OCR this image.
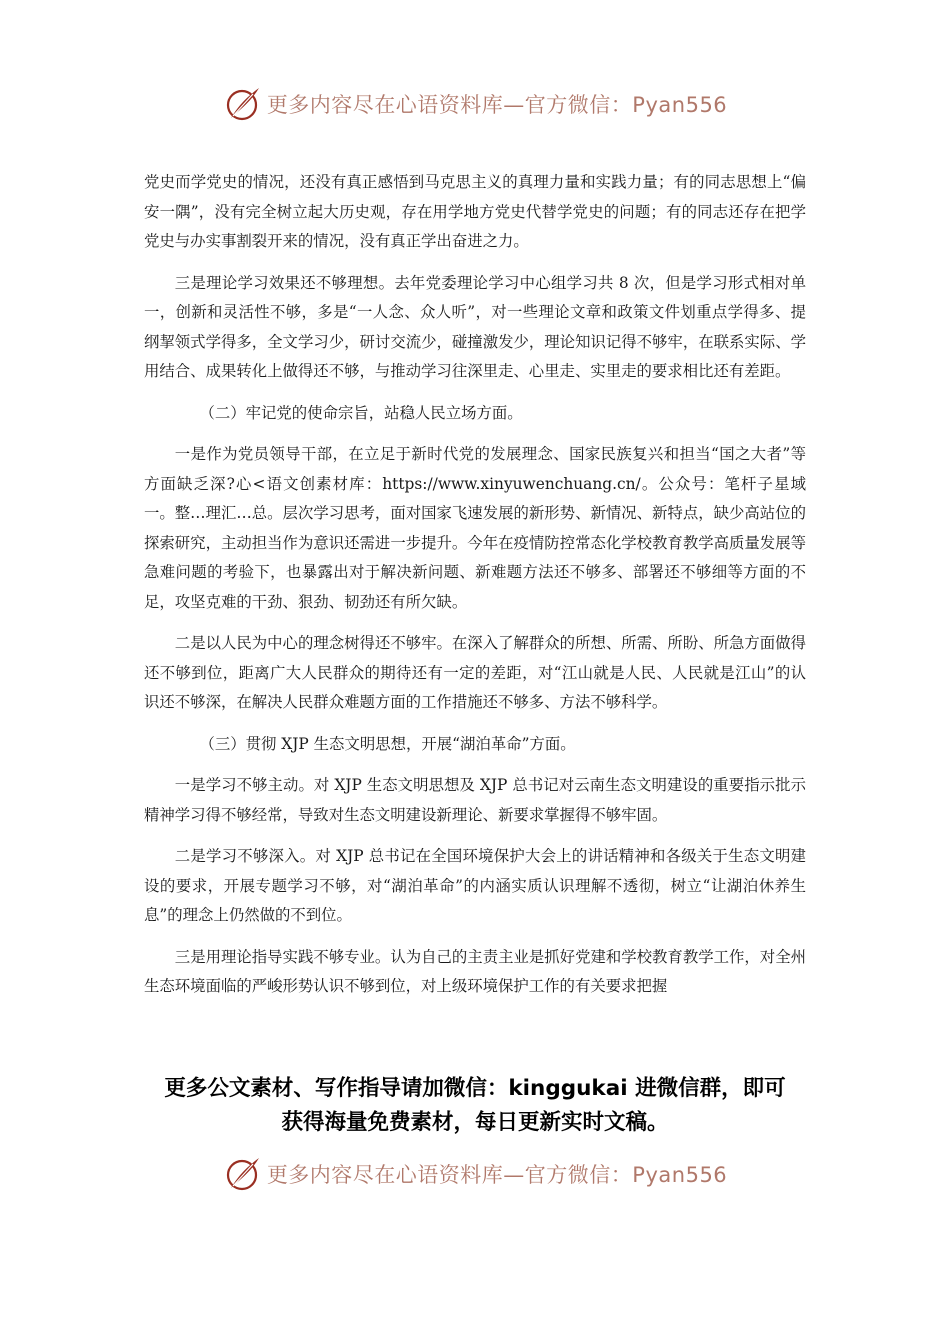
更多内容尽在心语资料库—官方微信：Pyan556

党史而学党史的情况，还没有真正感悟到马克思主义的真理力量和实践力量；有的同志思想上“偏安一隅”，没有完全树立起大历史观，存在用学地方党史代替学党史的问题；有的同志还存在把学党史与办实事割裂开来的情况，没有真正学出奋进之力。

三是理论学习效果还不够理想。去年党委理论学习中心组学习共 8 次，但是学习形式相对单一，创新和灵活性不够，多是“一人念、众人听”，对一些理论文章和政策文件划重点学得多、提纲挈领式学得多，全文学习少，研讨交流少，碰撞激发少，理论知识记得不够牢，在联系实际、学用结合、成果转化上做得还不够，与推动学习往深里走、心里走、实里走的要求相比还有差距。

（二）牢记党的使命宗旨，站稳人民立场方面。

一是作为党员领导干部，在立足于新时代党的发展理念、国家民族复兴和担当“国之大者”等方面缺乏深?心<语文创素材库：https://www.xinyuwenchuang.cn/。公众号：笔杆子星域一。整…理汇…总。层次学习思考，面对国家飞速发展的新形势、新情况、新特点，缺少高站位的探索研究，主动担当作为意识还需进一步提升。今年在疫情防控常态化学校教育教学高质量发展等急难问题的考验下，也暴露出对于解决新问题、新难题方法还不够多、部署还不够细等方面的不足，攻坚克难的干劲、狠劲、韧劲还有所欠缺。

二是以人民为中心的理念树得还不够牢。在深入了解群众的所想、所需、所盼、所急方面做得还不够到位，距离广大人民群众的期待还有一定的差距，对“江山就是人民、人民就是江山”的认识还不够深，在解决人民群众难题方面的工作措施还不够多、方法不够科学。

（三）贯彻 XJP 生态文明思想，开展“湖泊革命”方面。

一是学习不够主动。对 XJP 生态文明思想及 XJP 总书记对云南生态文明建设的重要指示批示精神学习得不够经常，导致对生态文明建设新理论、新要求掌握得不够牢固。

二是学习不够深入。对 XJP 总书记在全国环境保护大会上的讲话精神和各级关于生态文明建设的要求，开展专题学习不够，对“湖泊革命”的内涵实质认识理解不透彻，树立“让湖泊休养生息”的理念上仍然做的不到位。

三是用理论指导实践不够专业。认为自己的主责主业是抓好党建和学校教育教学工作，对全州生态环境面临的严峻形势认识不够到位，对上级环境保护工作的有关要求把握

更多公文素材、写作指导请加微信：kinggukai 进微信群，即可
获得海量免费素材，每日更新实时文稿。
更多内容尽在心语资料库—官方微信：Pyan556
